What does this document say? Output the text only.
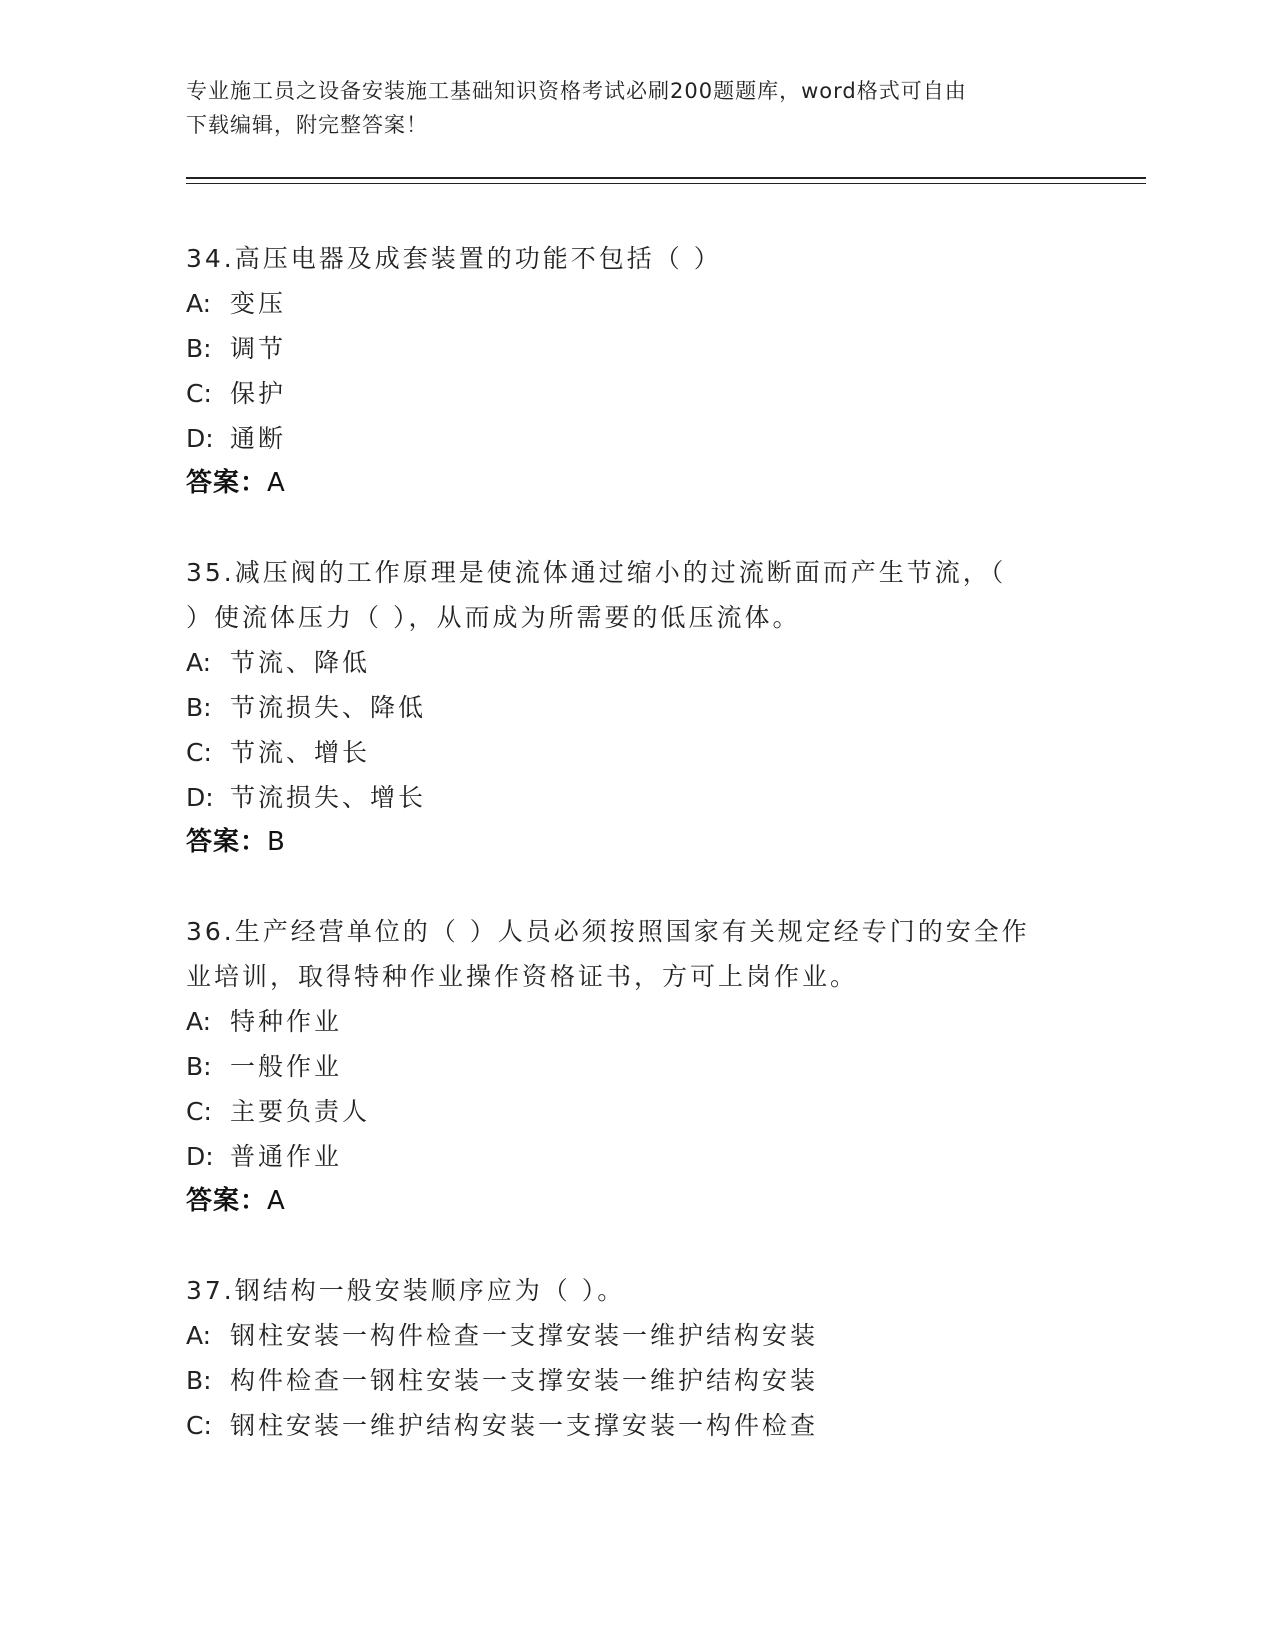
专业施工员之设备安装施工基础知识资格考试必刷200题题库，word格式可自由
下载编辑，附完整答案！
34.高压电器及成套装置的功能不包括（ ）
A: 变压
B: 调节
C: 保护
D: 通断
答案：A
35.减压阀的工作原理是使流体通过缩小的过流断面而产生节流，（
）使流体压力（ ），从而成为所需要的低压流体。
A: 节流、降低
B: 节流损失、降低
C: 节流、增长
D: 节流损失、增长
答案：B
36.生产经营单位的（ ）人员必须按照国家有关规定经专门的安全作
业培训，取得特种作业操作资格证书，方可上岗作业。
A: 特种作业
B: 一般作业
C: 主要负责人
D: 普通作业
答案：A
37.钢结构一般安装顺序应为（ ）。
A: 钢柱安装一构件检查一支撑安装一维护结构安装
B: 构件检查一钢柱安装一支撑安装一维护结构安装
C: 钢柱安装一维护结构安装一支撑安装一构件检查
